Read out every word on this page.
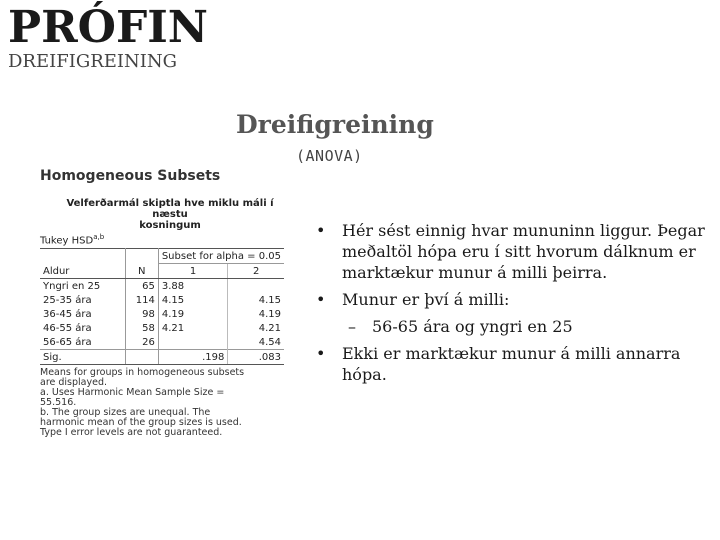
PRÓFIN
DREIFIGREINING
Dreifigreining
(ANOVA)
Homogeneous Subsets
Velferðarmál skiptla hve miklu máli í næstu
kosningum
Tukey HSD$^{a,b}$
		Subset for alpha = 0.05	
Aldur	N	1	2
Yngri en 25	65	3.88	
25-35 ára	114	4.15	4.15
36-45 ára	98	4.19	4.19
46-55 ára	58	4.21	4.21
56-65 ára	26		4.54
Sig.		.198	.083
Means for groups in homogeneous subsets
are displayed.
a. Uses Harmonic Mean Sample Size =
55.516.
b. The group sizes are unequal. The
harmonic mean of the group sizes is used.
Type I error levels are not guaranteed.
• Hér sést einnig hvar mununinn liggur. Þegar meðaltöl hópa eru í sitt hvorum dálknum er marktækur munur á milli þeirra.
• Munur er því á milli:
– 56-65 ára og yngri en 25
• Ekki er marktækur munur á milli annarra hópa.
